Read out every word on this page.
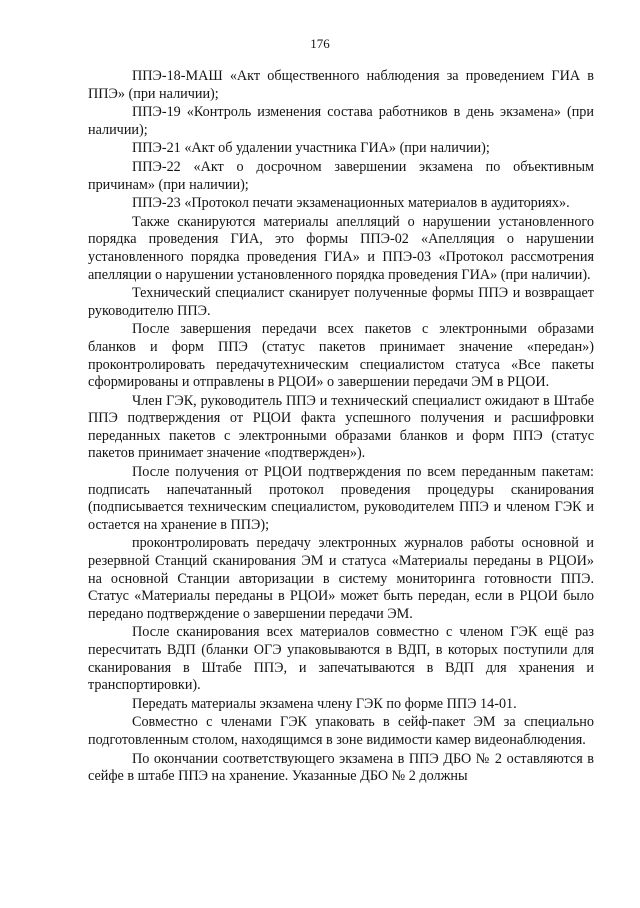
176

ППЭ-18-МАШ «Акт общественного наблюдения за проведением ГИА в ППЭ» (при наличии);

ППЭ-19 «Контроль изменения состава работников в день экзамена» (при наличии);

ППЭ-21 «Акт об удалении участника ГИА» (при наличии);

ППЭ-22 «Акт о досрочном завершении экзамена по объективным причинам» (при наличии);

ППЭ-23 «Протокол печати экзаменационных материалов в аудиториях».

Также сканируются материалы апелляций о нарушении установленного порядка проведения ГИА, это формы ППЭ-02 «Апелляция о нарушении установленного порядка проведения ГИА» и ППЭ-03 «Протокол рассмотрения апелляции о нарушении установленного порядка проведения ГИА» (при наличии).

Технический специалист сканирует полученные формы ППЭ и возвращает руководителю ППЭ.

После завершения передачи всех пакетов с электронными образами бланков и форм ППЭ (статус пакетов принимает значение «передан») проконтролировать передачутехническим специалистом статуса «Все пакеты сформированы и отправлены в РЦОИ» о завершении передачи ЭМ в РЦОИ.

Член ГЭК, руководитель ППЭ и технический специалист ожидают в Штабе ППЭ подтверждения от РЦОИ факта успешного получения и расшифровки переданных пакетов с электронными образами бланков и форм ППЭ (статус пакетов принимает значение «подтвержден»).

После получения от РЦОИ подтверждения по всем переданным пакетам: подписать напечатанный протокол проведения процедуры сканирования (подписывается техническим специалистом, руководителем ППЭ и членом ГЭК и остается на хранение в ППЭ);

проконтролировать передачу электронных журналов работы основной и резервной Станций сканирования ЭМ и статуса «Материалы переданы в РЦОИ» на основной Станции авторизации в систему мониторинга готовности ППЭ. Статус «Материалы переданы в РЦОИ» может быть передан, если в РЦОИ было передано подтверждение о завершении передачи ЭМ.

После сканирования всех материалов совместно с членом ГЭК ещё раз пересчитать ВДП (бланки ОГЭ упаковываются в ВДП, в которых поступили для сканирования в Штабе ППЭ, и запечатываются в ВДП для хранения и транспортировки).

Передать материалы экзамена члену ГЭК по форме ППЭ 14-01.

Совместно с членами ГЭК упаковать в сейф-пакет ЭМ за специально подготовленным столом, находящимся в зоне видимости камер видеонаблюдения.

По окончании соответствующего экзамена в ППЭ ДБО № 2 оставляются в сейфе в штабе ППЭ на хранение. Указанные ДБО № 2 должны
